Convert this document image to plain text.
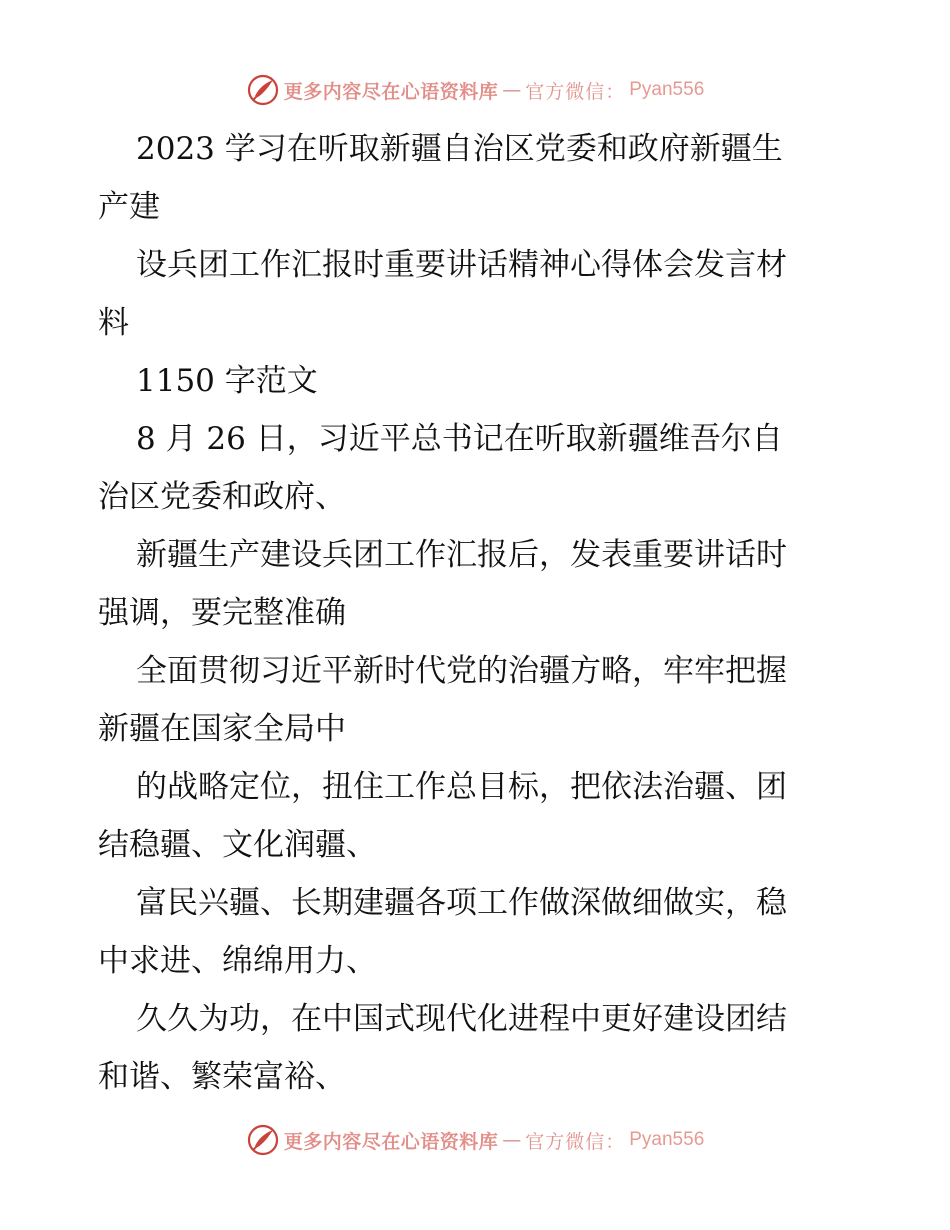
更多内容尽在心语资料库 — 官方微信： Pyan556
2023 学习在听取新疆自治区党委和政府新疆生
产建
设兵团工作汇报时重要讲话精神心得体会发言材
料
1150 字范文
8 月 26 日，习近平总书记在听取新疆维吾尔自
治区党委和政府、
新疆生产建设兵团工作汇报后，发表重要讲话时
强调，要完整准确
全面贯彻习近平新时代党的治疆方略，牢牢把握
新疆在国家全局中
的战略定位，扭住工作总目标，把依法治疆、团
结稳疆、文化润疆、
富民兴疆、长期建疆各项工作做深做细做实，稳
中求进、绵绵用力、
久久为功，在中国式现代化进程中更好建设团结
和谐、繁荣富裕、
更多内容尽在心语资料库 — 官方微信： Pyan556
